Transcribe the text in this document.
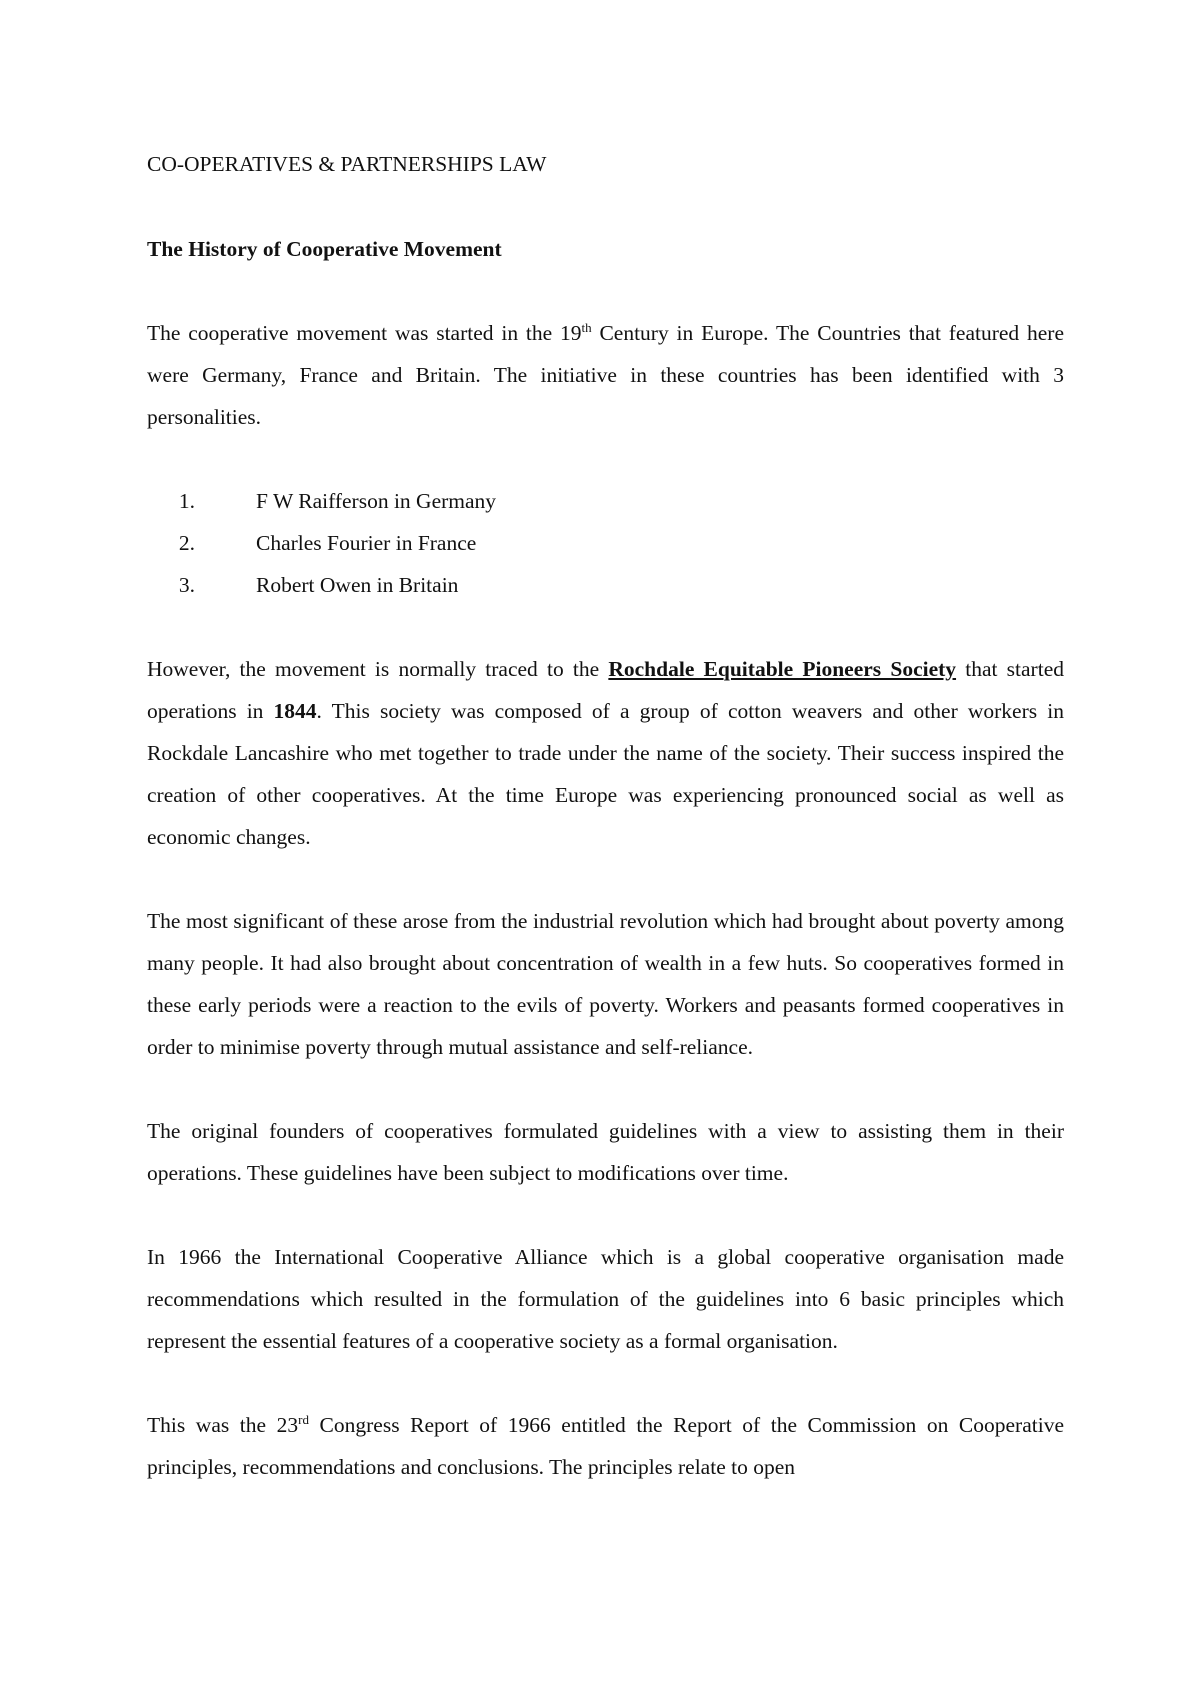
CO-OPERATIVES & PARTNERSHIPS LAW
The History of Cooperative Movement

The cooperative movement was started in the 19th Century in Europe. The Countries that featured here were Germany, France and Britain. The initiative in these countries has been identified with 3 personalities.

1.	F W Raifferson in Germany
2.	Charles Fourier in France
3.	Robert Owen in Britain

However, the movement is normally traced to the Rochdale Equitable Pioneers Society that started operations in 1844. This society was composed of a group of cotton weavers and other workers in Rockdale Lancashire who met together to trade under the name of the society. Their success inspired the creation of other cooperatives. At the time Europe was experiencing pronounced social as well as economic changes.

The most significant of these arose from the industrial revolution which had brought about poverty among many people. It had also brought about concentration of wealth in a few huts. So cooperatives formed in these early periods were a reaction to the evils of poverty. Workers and peasants formed cooperatives in order to minimise poverty through mutual assistance and self-reliance.

The original founders of cooperatives formulated guidelines with a view to assisting them in their operations. These guidelines have been subject to modifications over time.

In 1966 the International Cooperative Alliance which is a global cooperative organisation made recommendations which resulted in the formulation of the guidelines into 6 basic principles which represent the essential features of a cooperative society as a formal organisation.

This was the 23rd Congress Report of 1966 entitled the Report of the Commission on Cooperative principles, recommendations and conclusions. The principles relate to open
